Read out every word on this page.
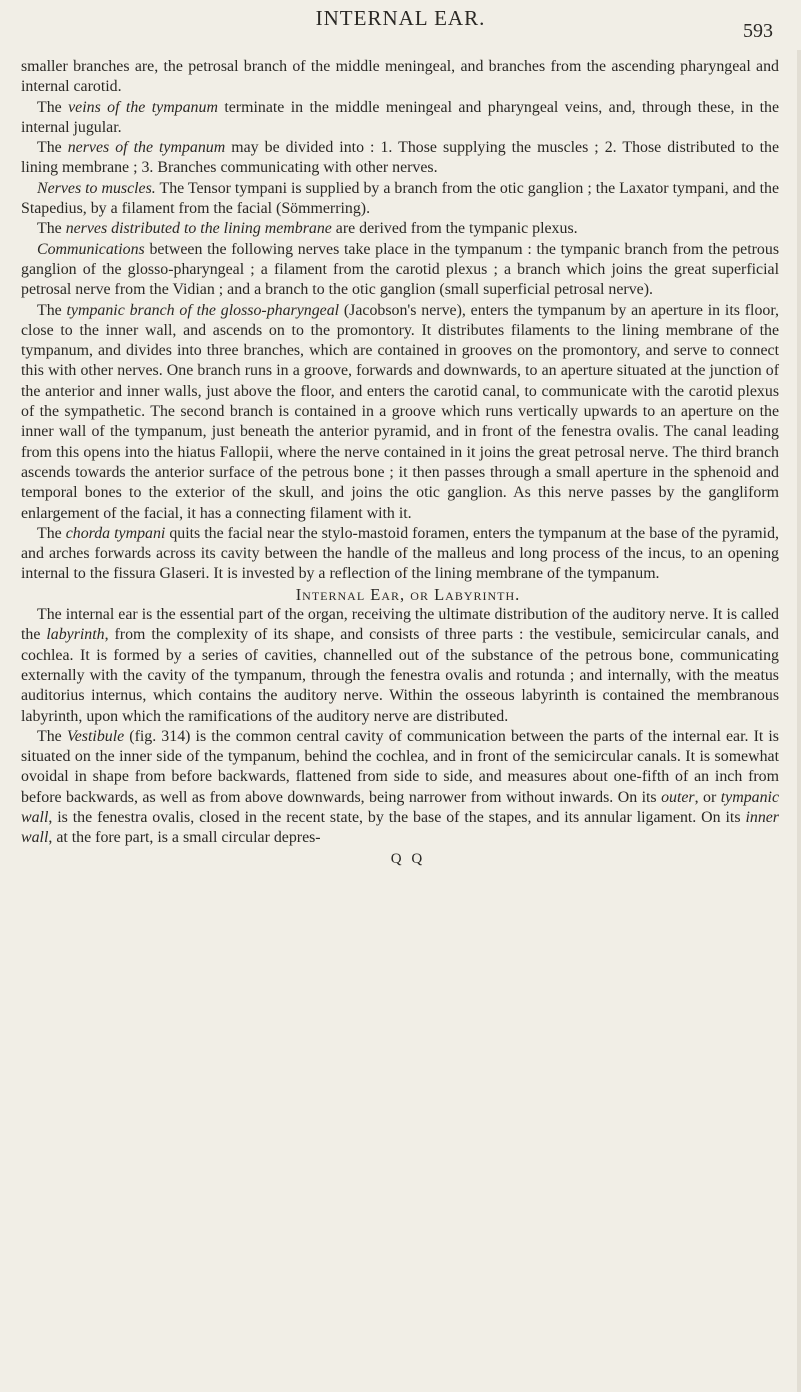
INTERNAL EAR.
593

smaller branches are, the petrosal branch of the middle meningeal, and branches from the ascending pharyngeal and internal carotid.

The veins of the tympanum terminate in the middle meningeal and pharyngeal veins, and, through these, in the internal jugular.

The nerves of the tympanum may be divided into : 1. Those supplying the muscles ; 2. Those distributed to the lining membrane ; 3. Branches communicating with other nerves.

Nerves to muscles. The Tensor tympani is supplied by a branch from the otic ganglion ; the Laxator tympani, and the Stapedius, by a filament from the facial (Sömmerring).

The nerves distributed to the lining membrane are derived from the tympanic plexus.

Communications between the following nerves take place in the tympanum : the tympanic branch from the petrous ganglion of the glosso-pharyngeal ; a filament from the carotid plexus ; a branch which joins the great superficial petrosal nerve from the Vidian ; and a branch to the otic ganglion (small superficial petrosal nerve).

The tympanic branch of the glosso-pharyngeal (Jacobson's nerve), enters the tympanum by an aperture in its floor, close to the inner wall, and ascends on to the promontory. It distributes filaments to the lining membrane of the tympanum, and divides into three branches, which are contained in grooves on the promontory, and serve to connect this with other nerves. One branch runs in a groove, forwards and downwards, to an aperture situated at the junction of the anterior and inner walls, just above the floor, and enters the carotid canal, to communicate with the carotid plexus of the sympathetic. The second branch is contained in a groove which runs vertically upwards to an aperture on the inner wall of the tympanum, just beneath the anterior pyramid, and in front of the fenestra ovalis. The canal leading from this opens into the hiatus Fallopii, where the nerve contained in it joins the great petrosal nerve. The third branch ascends towards the anterior surface of the petrous bone ; it then passes through a small aperture in the sphenoid and temporal bones to the exterior of the skull, and joins the otic ganglion. As this nerve passes by the gangliform enlargement of the facial, it has a connecting filament with it.

The chorda tympani quits the facial near the stylo-mastoid foramen, enters the tympanum at the base of the pyramid, and arches forwards across its cavity between the handle of the malleus and long process of the incus, to an opening internal to the fissura Glaseri. It is invested by a reflection of the lining membrane of the tympanum.

Internal Ear, or Labyrinth.

The internal ear is the essential part of the organ, receiving the ultimate distribution of the auditory nerve. It is called the labyrinth, from the complexity of its shape, and consists of three parts : the vestibule, semicircular canals, and cochlea. It is formed by a series of cavities, channelled out of the substance of the petrous bone, communicating externally with the cavity of the tympanum, through the fenestra ovalis and rotunda ; and internally, with the meatus auditorius internus, which contains the auditory nerve. Within the osseous labyrinth is contained the membranous labyrinth, upon which the ramifications of the auditory nerve are distributed.

The Vestibule (fig. 314) is the common central cavity of communication between the parts of the internal ear. It is situated on the inner side of the tympanum, behind the cochlea, and in front of the semicircular canals. It is somewhat ovoidal in shape from before backwards, flattened from side to side, and measures about one-fifth of an inch from before backwards, as well as from above downwards, being narrower from without inwards. On its outer, or tympanic wall, is the fenestra ovalis, closed in the recent state, by the base of the stapes, and its annular ligament. On its inner wall, at the fore part, is a small circular depres-

Q Q
